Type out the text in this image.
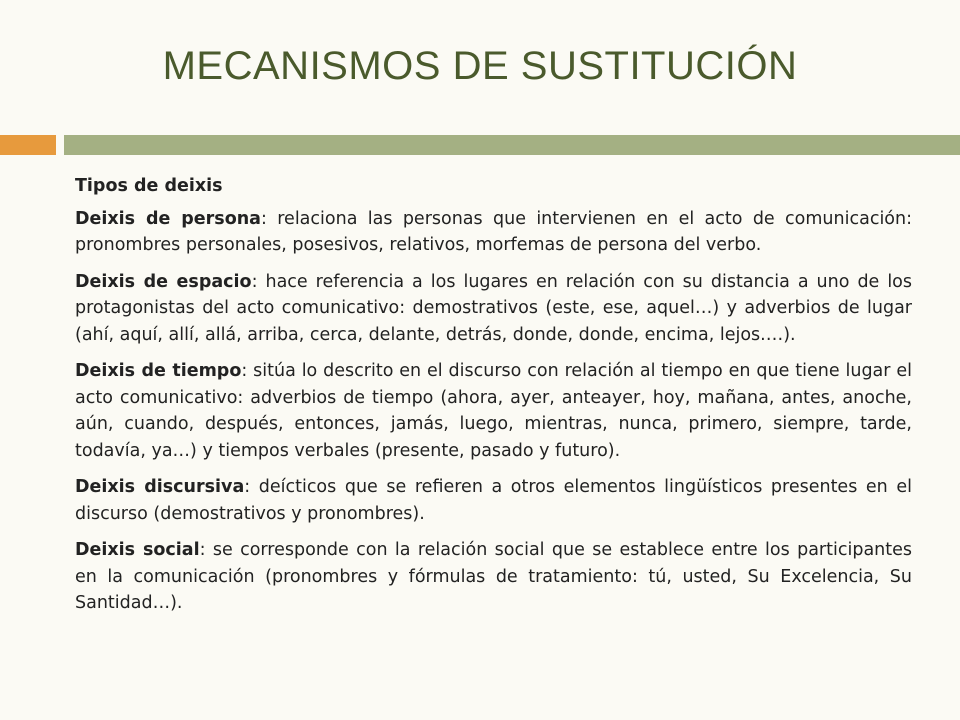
MECANISMOS DE SUSTITUCIÓN

Tipos de deixis

Deixis de persona: relaciona las personas que intervienen en el acto de comunicación: pronombres personales, posesivos, relativos, morfemas de persona del verbo.

Deixis de espacio: hace referencia a los lugares en relación con su distancia a uno de los protagonistas del acto comunicativo: demostrativos (este, ese, aquel…) y adverbios de lugar (ahí, aquí, allí, allá, arriba, cerca, delante, detrás, donde, donde, encima, lejos.…).

Deixis de tiempo: sitúa lo descrito en el discurso con relación al tiempo en que tiene lugar el acto comunicativo: adverbios de tiempo (ahora, ayer, anteayer, hoy, mañana, antes, anoche, aún, cuando, después, entonces, jamás, luego, mientras, nunca, primero, siempre, tarde, todavía, ya…) y tiempos verbales (presente, pasado y futuro).

Deixis discursiva: deícticos que se refieren a otros elementos lingüísticos presentes en el discurso (demostrativos y pronombres).

Deixis social: se corresponde con la relación social que se establece entre los participantes en la comunicación (pronombres y fórmulas de tratamiento: tú, usted, Su Excelencia, Su Santidad…).
